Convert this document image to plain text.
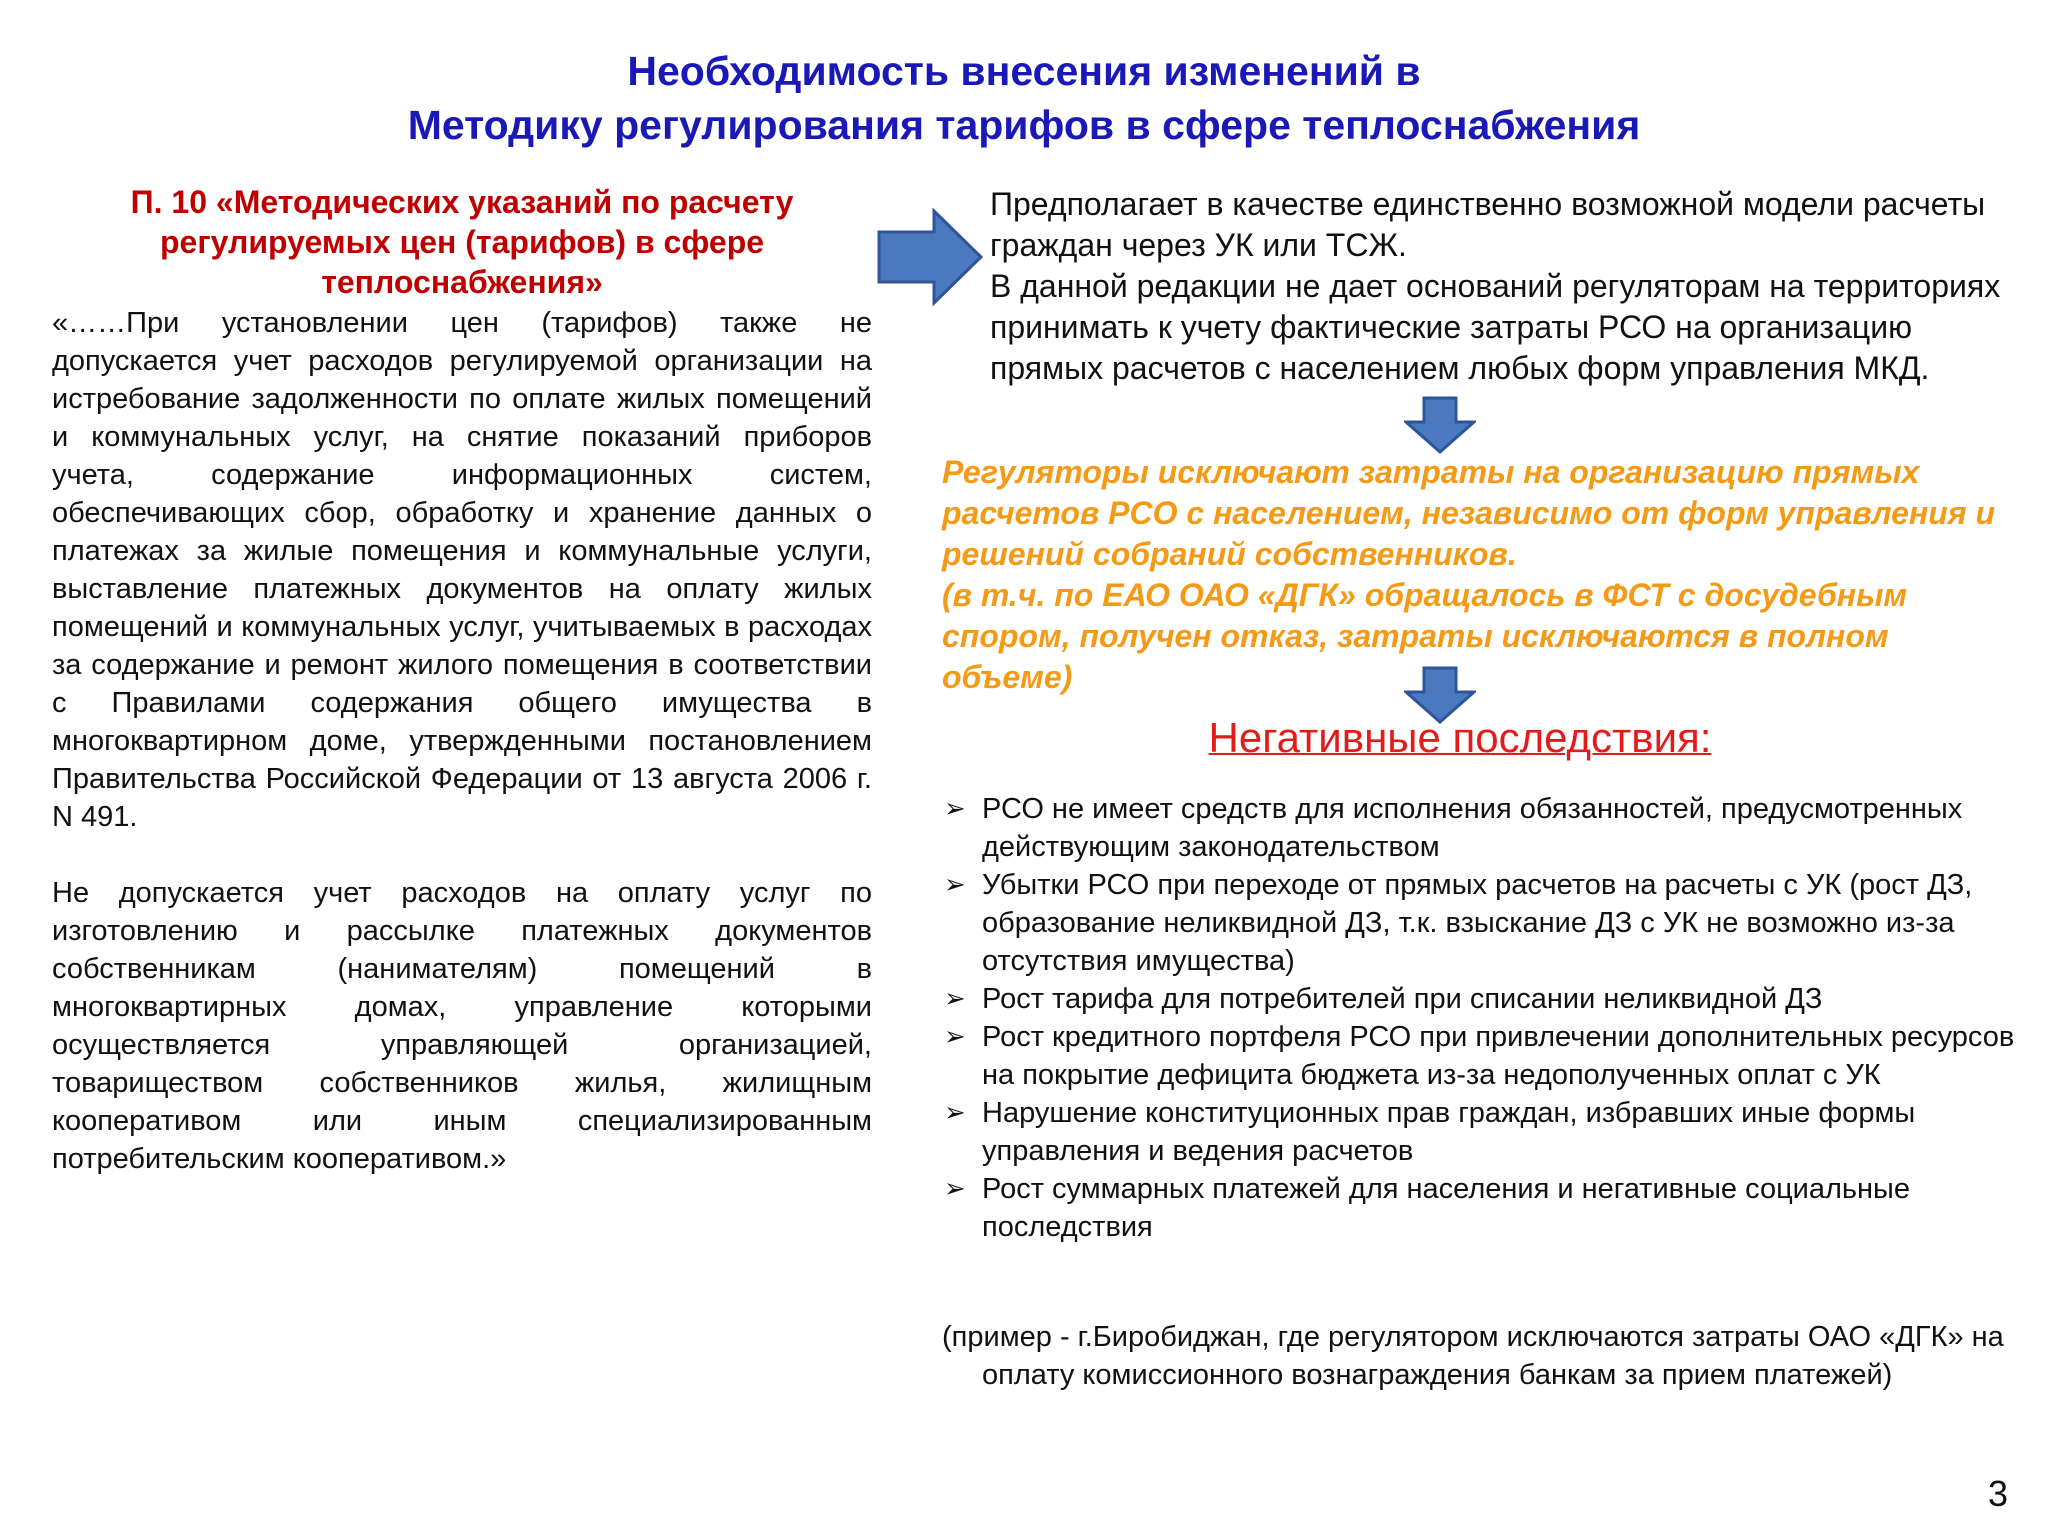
Необходимость внесения изменений в
Методику регулирования тарифов в сфере теплоснабжения

П. 10 «Методических указаний по расчету регулируемых цен (тарифов) в сфере теплоснабжения»

«……При установлении цен (тарифов) также не допускается учет расходов регулируемой организации на истребование задолженности по оплате жилых помещений и коммунальных услуг, на снятие показаний приборов учета, содержание информационных систем, обеспечивающих сбор, обработку и хранение данных о платежах за жилые помещения и коммунальные услуги, выставление платежных документов на оплату жилых помещений и коммунальных услуг, учитываемых в расходах за содержание и ремонт жилого помещения в соответствии с Правилами содержания общего имущества в многоквартирном доме, утвержденными постановлением Правительства Российской Федерации от 13 августа 2006 г. N 491.

Не допускается учет расходов на оплату услуг по изготовлению и рассылке платежных документов собственникам (нанимателям) помещений в многоквартирных домах, управление которыми осуществляется управляющей организацией, товариществом собственников жилья, жилищным кооперативом или иным специализированным потребительским кооперативом.»

Предполагает в качестве единственно возможной модели расчеты граждан через УК или ТСЖ.

В данной редакции не дает оснований регуляторам на территориях принимать к учету фактические затраты РСО на организацию прямых расчетов с населением любых форм управления МКД.

Регуляторы исключают затраты на организацию прямых расчетов РСО с населением, независимо от форм управления и решений собраний собственников.

(в т.ч. по ЕАО ОАО «ДГК» обращалось в ФСТ с досудебным спором, получен отказ, затраты исключаются в полном объеме)

Негативные последствия:
➢ РСО не имеет средств для исполнения обязанностей, предусмотренных действующим законодательством
➢ Убытки РСО при переходе от прямых расчетов на расчеты с УК (рост ДЗ, образование неликвидной ДЗ, т.к. взыскание ДЗ с УК не возможно из-за отсутствия имущества)
➢ Рост тарифа для потребителей при списании неликвидной ДЗ
➢ Рост кредитного портфеля РСО при привлечении дополнительных ресурсов на покрытие дефицита бюджета из-за недополученных оплат с УК
➢ Нарушение конституционных прав граждан, избравших иные формы управления и ведения расчетов
➢ Рост суммарных платежей для населения и негативные социальные последствия
(пример - г.Биробиджан, где регулятором исключаются затраты ОАО «ДГК» на оплату комиссионного вознаграждения банкам за прием платежей)
3
